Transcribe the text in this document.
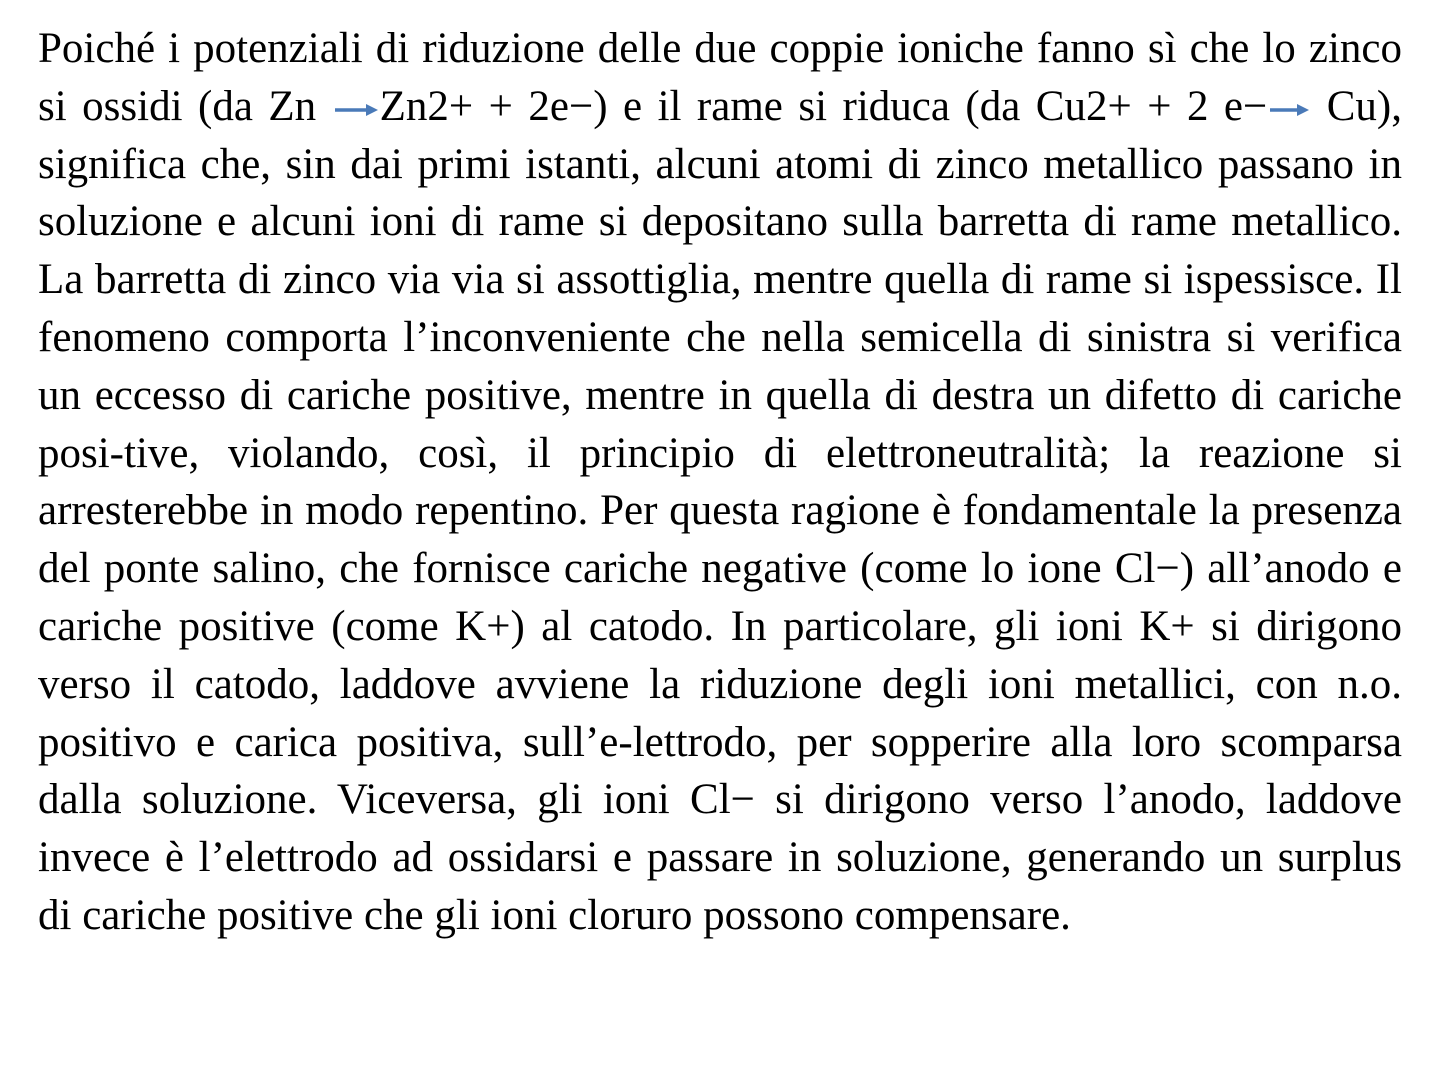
Poiché i potenziali di riduzione delle due coppie ioniche fanno sì che lo zinco si ossidi (da Zn → Zn2+ + 2e−) e il rame si riduca (da Cu2+ + 2 e− → Cu), significa che, sin dai primi istanti, alcuni atomi di zinco metallico passano in soluzione e alcuni ioni di rame si depositano sulla barretta di rame metallico. La barretta di zinco via via si assottiglia, mentre quella di rame si ispessisce. Il fenomeno comporta l’inconveniente che nella semicella di sinistra si verifica un eccesso di cariche positive, mentre in quella di destra un difetto di cariche posi-tive, violando, così, il principio di elettroneutralità; la reazione si arresterebbe in modo repentino. Per questa ragione è fondamentale la presenza del ponte salino, che fornisce cariche negative (come lo ione Cl−) all’anodo e cariche positive (come K+) al catodo. In particolare, gli ioni K+ si dirigono verso il catodo, laddove avviene la riduzione degli ioni metallici, con n.o. positivo e carica positiva, sull’e-lettrodo, per sopperire alla loro scomparsa dalla soluzione. Viceversa, gli ioni Cl− si dirigono verso l’anodo, laddove invece è l’elettrodo ad ossidarsi e passare in soluzione, generando un surplus di cariche positive che gli ioni cloruro possono compensare.
